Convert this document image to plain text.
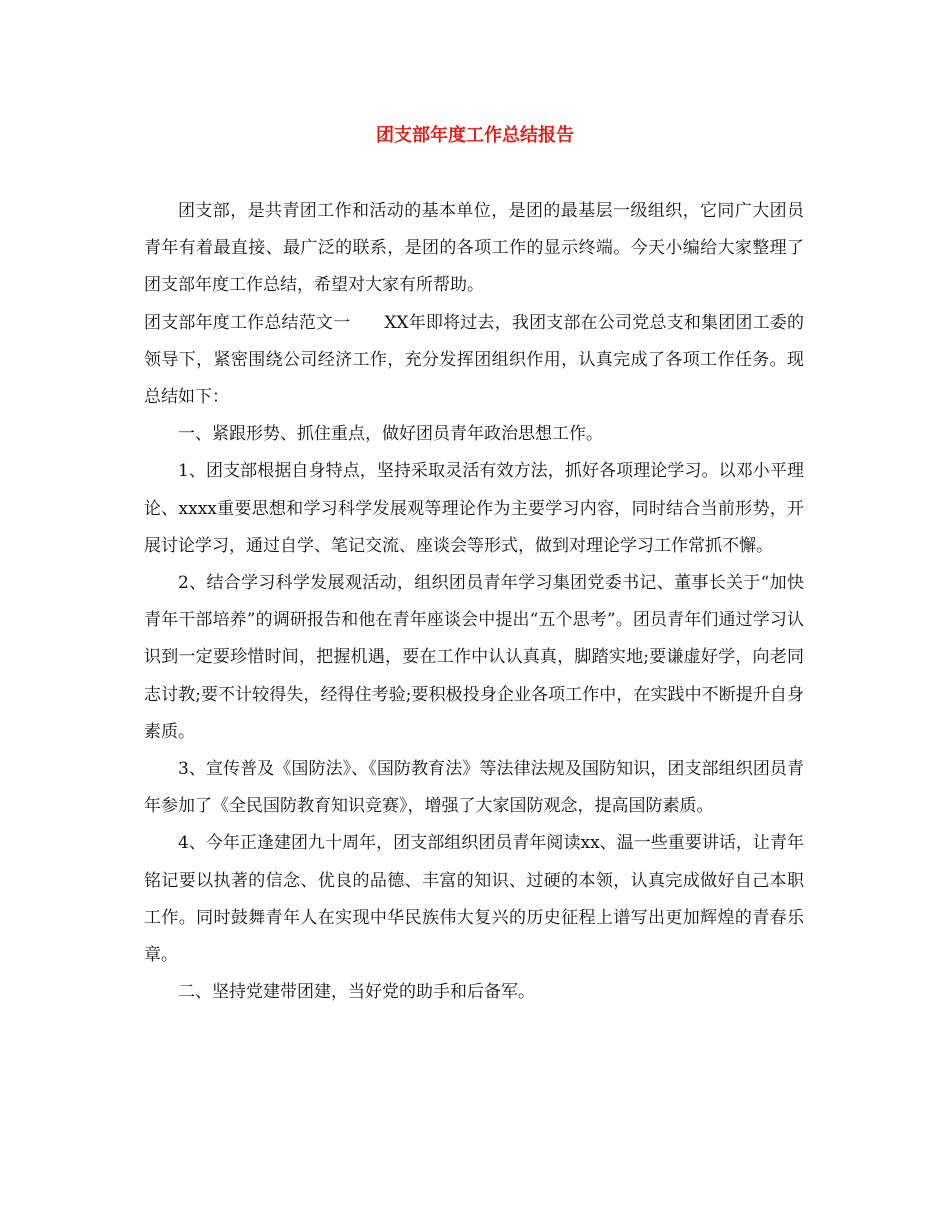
团支部年度工作总结报告

团支部，是共青团工作和活动的基本单位，是团的最基层一级组织，它同广大团员青年有着最直接、最广泛的联系，是团的各项工作的显示终端。今天小编给大家整理了团支部年度工作总结，希望对大家有所帮助。

团支部年度工作总结范文一 XX年即将过去，我团支部在公司党总支和集团团工委的领导下，紧密围绕公司经济工作，充分发挥团组织作用，认真完成了各项工作任务。现总结如下：

一、紧跟形势、抓住重点，做好团员青年政治思想工作。

1、团支部根据自身特点，坚持采取灵活有效方法，抓好各项理论学习。以邓小平理论、xxxx重要思想和学习科学发展观等理论作为主要学习内容，同时结合当前形势，开展讨论学习，通过自学、笔记交流、座谈会等形式，做到对理论学习工作常抓不懈。

2、结合学习科学发展观活动，组织团员青年学习集团党委书记、董事长关于“加快青年干部培养”的调研报告和他在青年座谈会中提出“五个思考”。团员青年们通过学习认识到一定要珍惜时间，把握机遇，要在工作中认认真真，脚踏实地;要谦虚好学，向老同志讨教;要不计较得失，经得住考验;要积极投身企业各项工作中，在实践中不断提升自身素质。

3、宣传普及《国防法》、《国防教育法》等法律法规及国防知识，团支部组织团员青年参加了《全民国防教育知识竞赛》，增强了大家国防观念，提高国防素质。

4、今年正逢建团九十周年，团支部组织团员青年阅读xx、温一些重要讲话，让青年铭记要以执著的信念、优良的品德、丰富的知识、过硬的本领，认真完成做好自己本职工作。同时鼓舞青年人在实现中华民族伟大复兴的历史征程上谱写出更加辉煌的青春乐章。

二、坚持党建带团建，当好党的助手和后备军。
